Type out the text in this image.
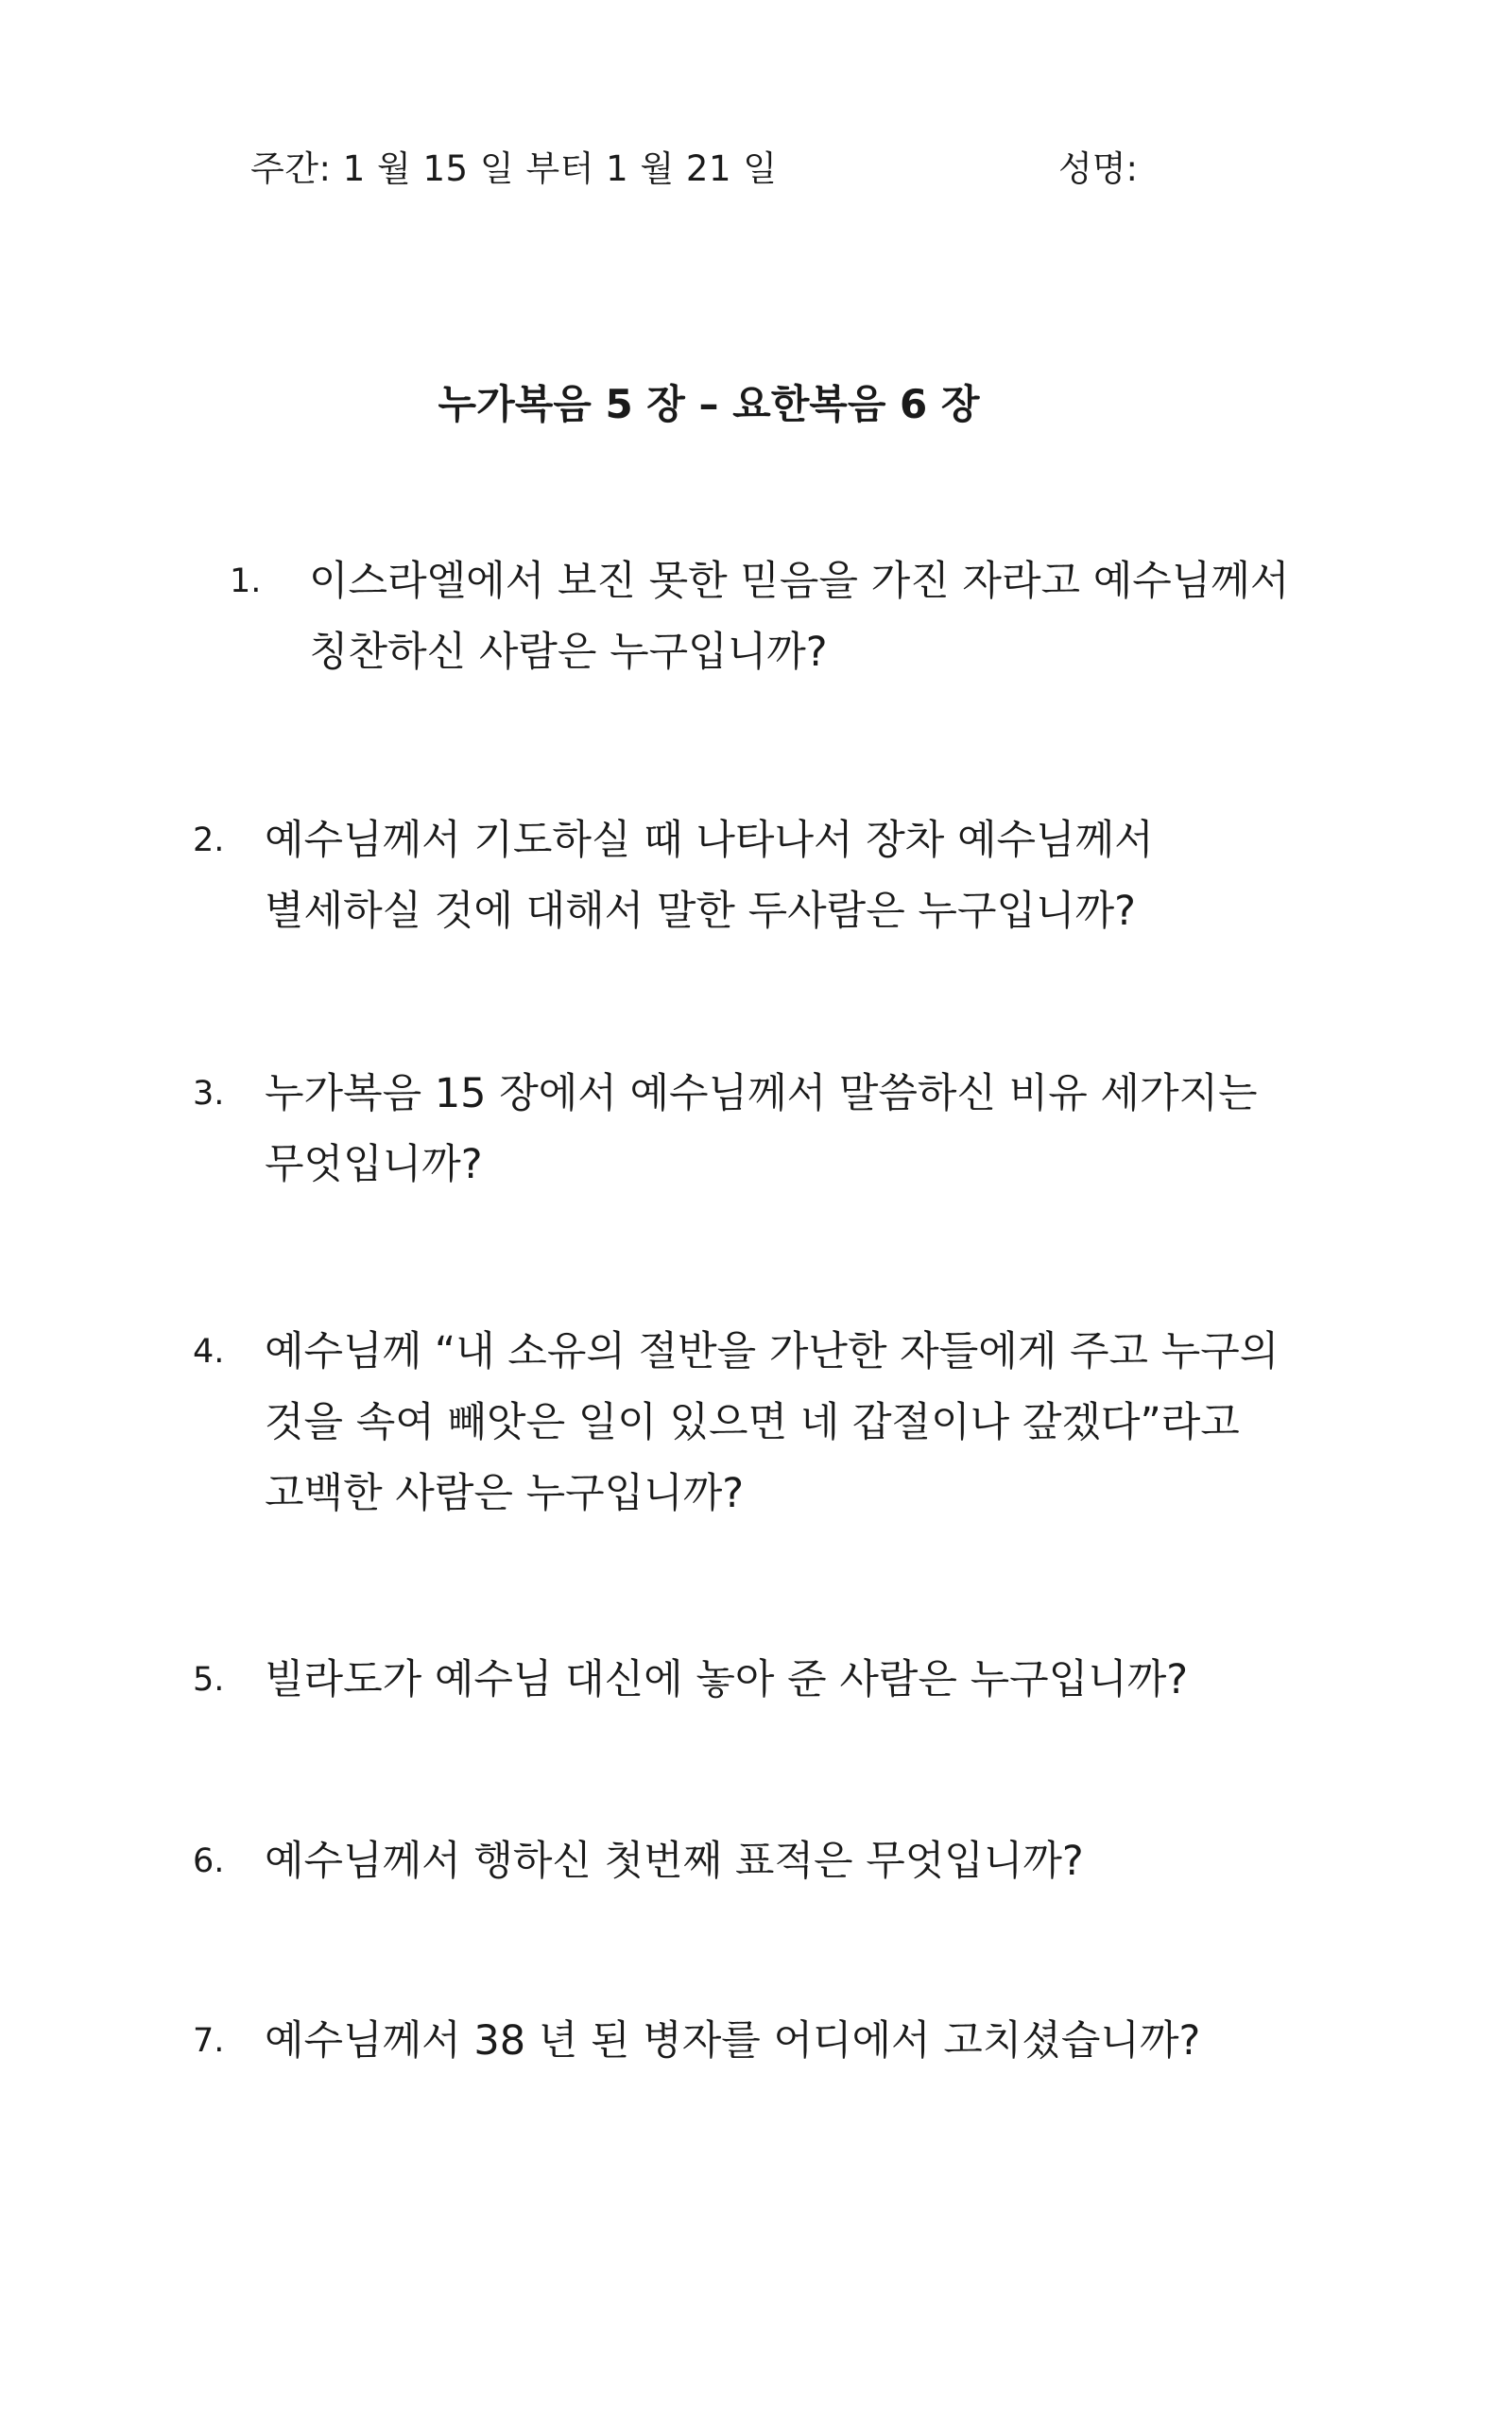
주간: 1 월 15 일 부터 1 월 21 일	성명:
누가복음 5 장 – 요한복음 6 장
1.	이스라엘에서 보진 못한 믿음을 가진 자라고 예수님께서
칭찬하신 사람은 누구입니까?
2. 예수님께서 기도하실 때 나타나서 장차 예수님께서
별세하실 것에 대해서 말한 두사람은 누구입니까?
3. 누가복음 15 장에서 예수님께서 말씀하신 비유 세가지는
무엇입니까?
4. 예수님께 “내 소유의 절반을 가난한 자들에게 주고 누구의
것을 속여 빼앗은 일이 있으면 네 갑절이나 갚겠다”라고
고백한 사람은 누구입니까?
5. 빌라도가 예수님 대신에 놓아 준 사람은 누구입니까?
6. 예수님께서 행하신 첫번째 표적은 무엇입니까?
7. 예수님께서 38 년 된 병자를 어디에서 고치셨습니까?
